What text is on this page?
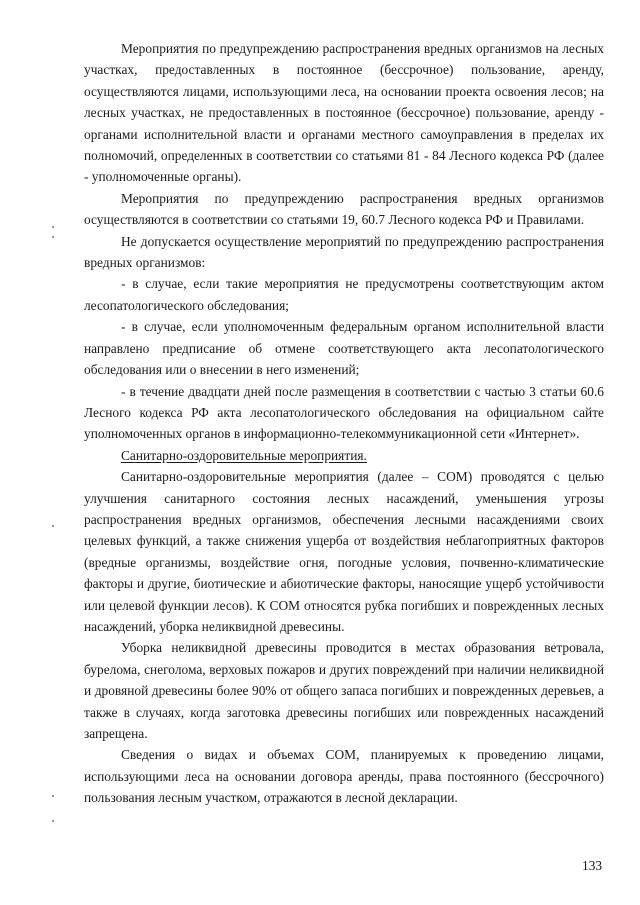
Мероприятия по предупреждению распространения вредных организмов на лесных участках, предоставленных в постоянное (бессрочное) пользование, аренду, осуществляются лицами, использующими леса, на основании проекта освоения лесов; на лесных участках, не предоставленных в постоянное (бессрочное) пользование, аренду - органами исполнительной власти и органами местного самоуправления в пределах их полномочий, определенных в соответствии со статьями 81 - 84 Лесного кодекса РФ (далее - уполномоченные органы).

Мероприятия по предупреждению распространения вредных организмов осуществляются в соответствии со статьями 19, 60.7 Лесного кодекса РФ и Правилами.

Не допускается осуществление мероприятий по предупреждению распространения вредных организмов:

- в случае, если такие мероприятия не предусмотрены соответствующим актом лесопатологического обследования;

- в случае, если уполномоченным федеральным органом исполнительной власти направлено предписание об отмене соответствующего акта лесопатологического обследования или о внесении в него изменений;

- в течение двадцати дней после размещения в соответствии с частью 3 статьи 60.6 Лесного кодекса РФ акта лесопатологического обследования на официальном сайте уполномоченных органов в информационно-телекоммуникационной сети «Интернет».

Санитарно-оздоровительные мероприятия.

Санитарно-оздоровительные мероприятия (далее – СОМ) проводятся с целью улучшения санитарного состояния лесных насаждений, уменьшения угрозы распространения вредных организмов, обеспечения лесными насаждениями своих целевых функций, а также снижения ущерба от воздействия неблагоприятных факторов (вредные организмы, воздействие огня, погодные условия, почвенно-климатические факторы и другие, биотические и абиотические факторы, наносящие ущерб устойчивости или целевой функции лесов). К СОМ относятся рубка погибших и поврежденных лесных насаждений, уборка неликвидной древесины.

Уборка неликвидной древесины проводится в местах образования ветровала, бурелома, снеголома, верховых пожаров и других повреждений при наличии неликвидной и дровяной древесины более 90% от общего запаса погибших и поврежденных деревьев, а также в случаях, когда заготовка древесины погибших или поврежденных насаждений запрещена.

Сведения о видах и объемах СОМ, планируемых к проведению лицами, использующими леса на основании договора аренды, права постоянного (бессрочного) пользования лесным участком, отражаются в лесной декларации.

133
